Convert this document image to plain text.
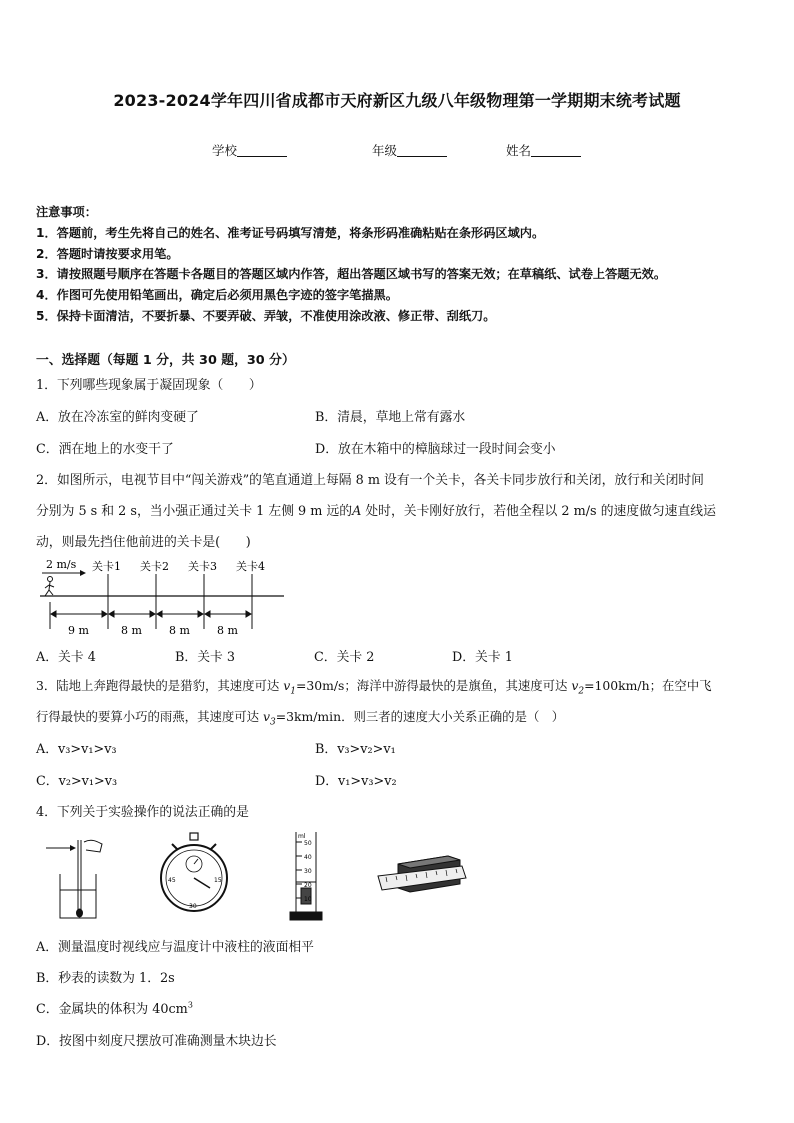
2023-2024学年四川省成都市天府新区九级八年级物理第一学期期末统考试题
学校	年级	姓名
注意事项：
1．答题前，考生先将自己的姓名、准考证号码填写清楚，将条形码准确粘贴在条形码区域内。
2．答题时请按要求用笔。
3．请按照题号顺序在答题卡各题目的答题区域内作答，超出答题区域书写的答案无效；在草稿纸、试卷上答题无效。
4．作图可先使用铅笔画出，确定后必须用黑色字迹的签字笔描黑。
5．保持卡面清洁，不要折暴、不要弄破、弄皱，不准使用涂改液、修正带、刮纸刀。
一、选择题（每题 1 分，共 30 题，30 分）
1．下列哪些现象属于凝固现象（　　）
A．放在冷冻室的鲜肉变硬了	B．清晨，草地上常有露水
C．洒在地上的水变干了	D．放在木箱中的樟脑球过一段时间会变小
2．如图所示，电视节目中“闯关游戏”的笔直通道上每隔 8 m 设有一个关卡，各关卡同步放行和关闭，放行和关闭时间
分别为 5 s 和 2 s，当小强正通过关卡 1 左侧 9 m 远的A 处时，关卡刚好放行，若他全程以 2 m/s 的速度做匀速直线运
动，则最先挡住他前进的关卡是(　　)
2 m/s 关卡1 关卡2 关卡3 关卡4
9 m	8 m 8 m 8 m
A．关卡 4	B．关卡 3	C．关卡 2	D．关卡 1
3．陆地上奔跑得最快的是猎豹，其速度可达 $v_1=30m/s$；海洋中游得最快的是旗鱼，其速度可达 $v_2=100km/h$；在空中飞
行得最快的要算小巧的雨燕，其速度可达 $v_3=3km/\min$．则三者的速度大小关系正确的是（　）
A．v₃>v₁>v₃	B．v₃>v₂>v₁
C．v₂>v₁>v₃	D．v₁>v₃>v₂
4．下列关于实验操作的说法正确的是
45
30
15
50
40
30
20
10
ml
A．测量温度时视线应与温度计中液柱的液面相平
B．秒表的读数为 1．2s
C．金属块的体积为 $40cm^3$
D．按图中刻度尺摆放可准确测量木块边长
